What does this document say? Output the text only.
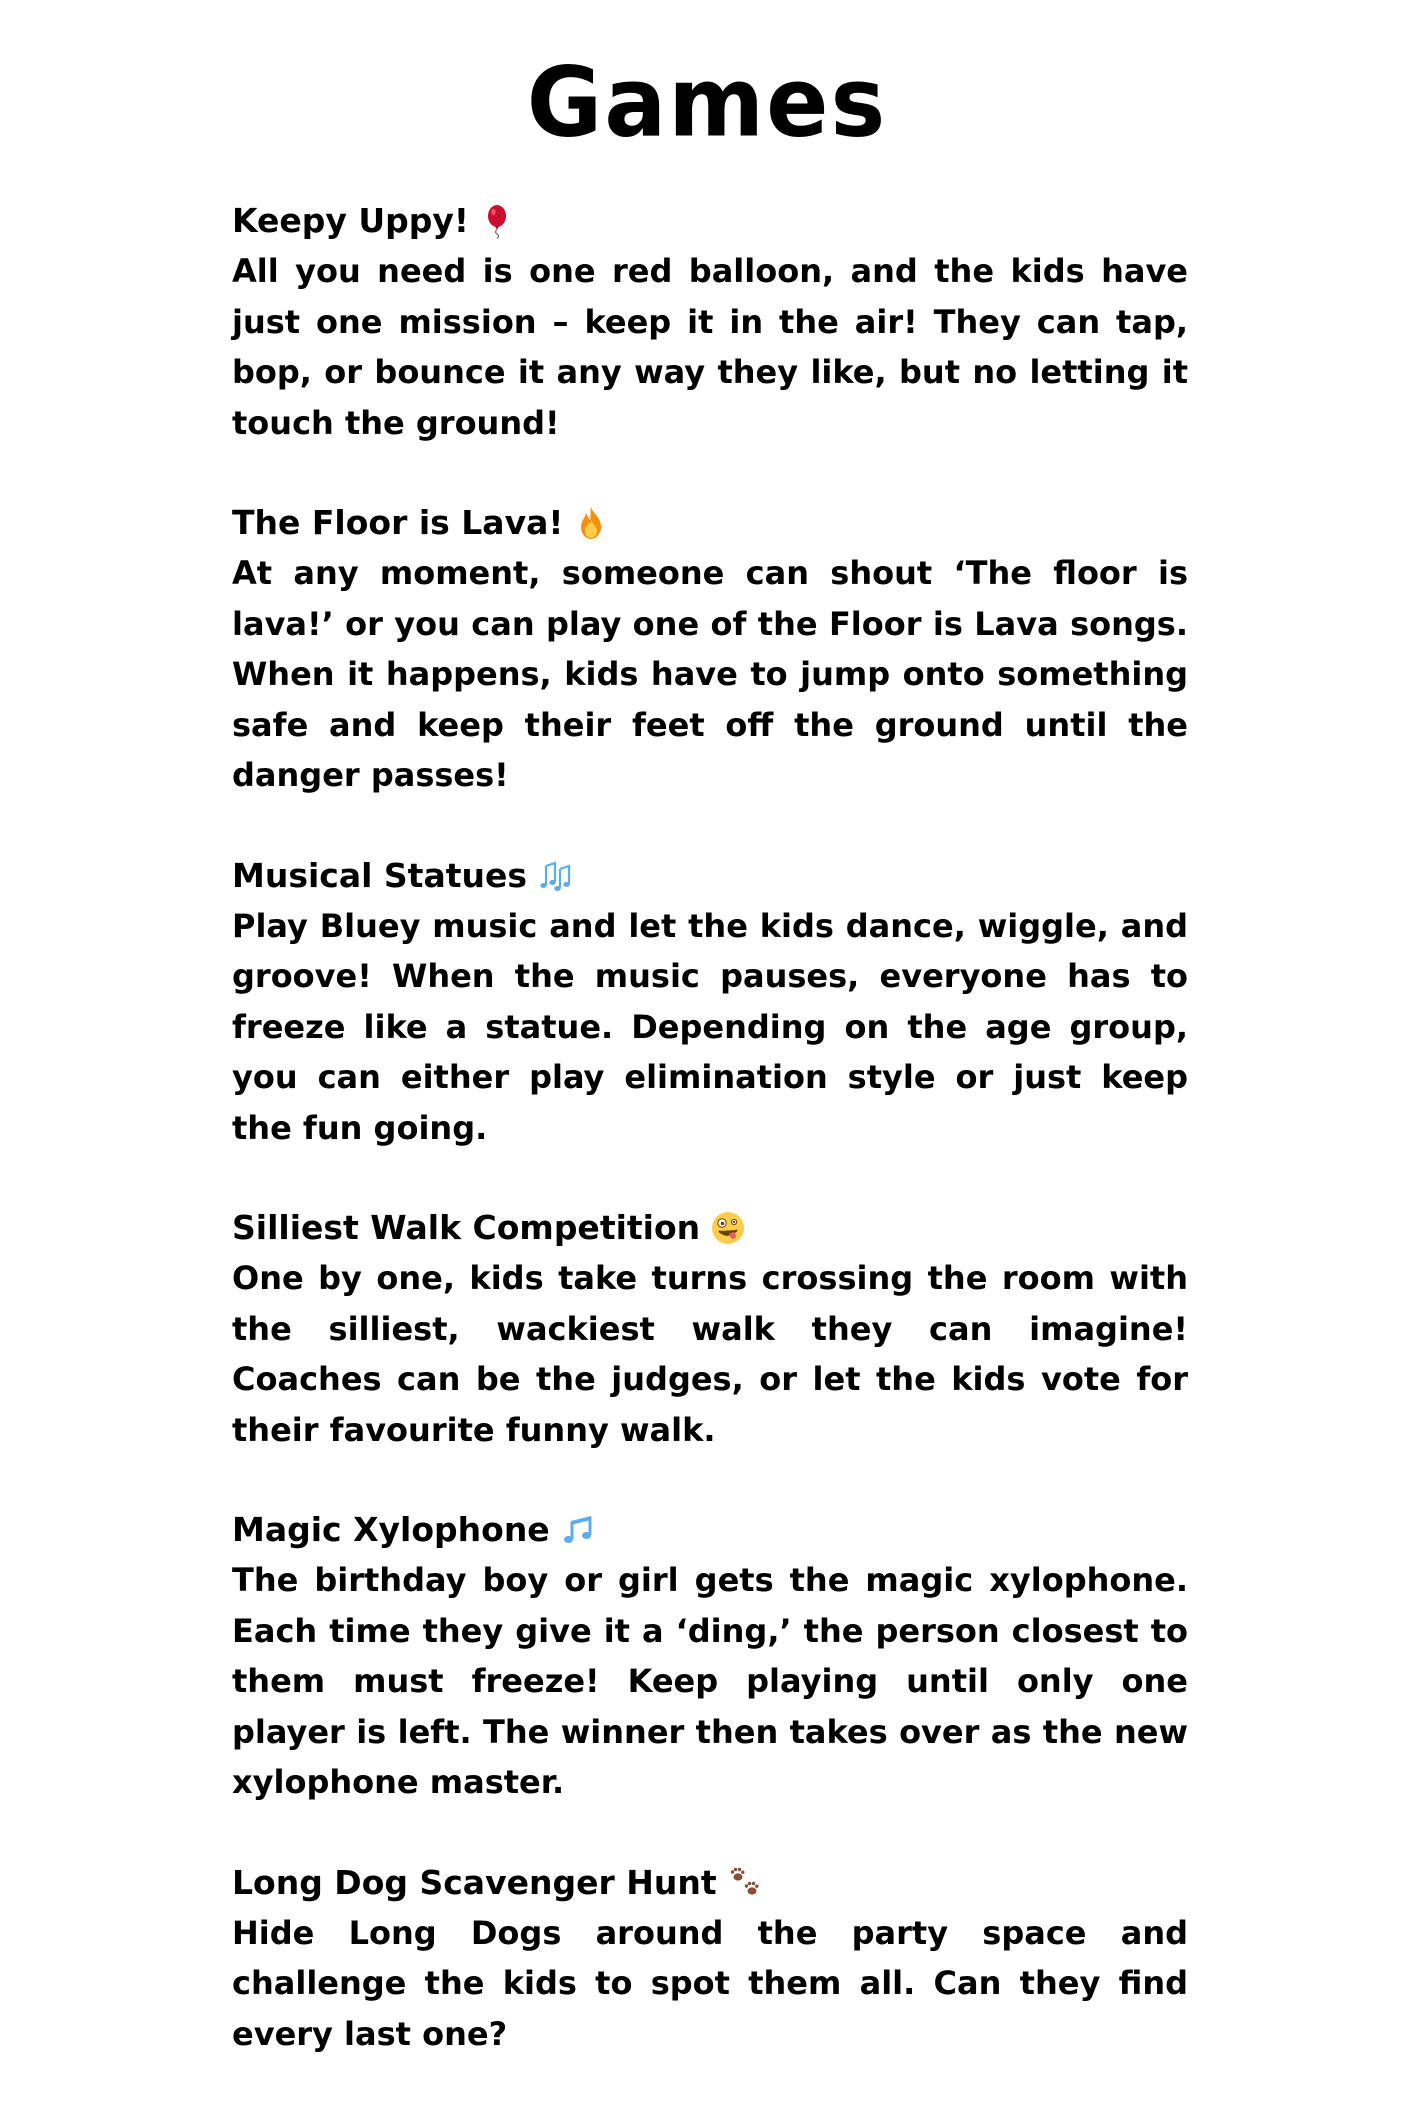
Games
Keepy Uppy!

All you need is one red balloon, and the kids have just one mission – keep it in the air! They can tap, bop, or bounce it any way they like, but no letting it touch the ground!

The Floor is Lava!

At any moment, someone can shout ‘The floor is lava!’ or you can play one of the Floor is Lava songs. When it happens, kids have to jump onto something safe and keep their feet off the ground until the danger passes!

Musical Statues

Play Bluey music and let the kids dance, wiggle, and groove! When the music pauses, everyone has to freeze like a statue. Depending on the age group, you can either play elimination style or just keep the fun going.

Silliest Walk Competition

One by one, kids take turns crossing the room with the silliest, wackiest walk they can imagine! Coaches can be the judges, or let the kids vote for their favourite funny walk.

Magic Xylophone

The birthday boy or girl gets the magic xylophone. Each time they give it a ‘ding,’ the person closest to them must freeze! Keep playing until only one player is left. The winner then takes over as the new xylophone master.

Long Dog Scavenger Hunt

Hide Long Dogs around the party space and challenge the kids to spot them all. Can they find every last one?
